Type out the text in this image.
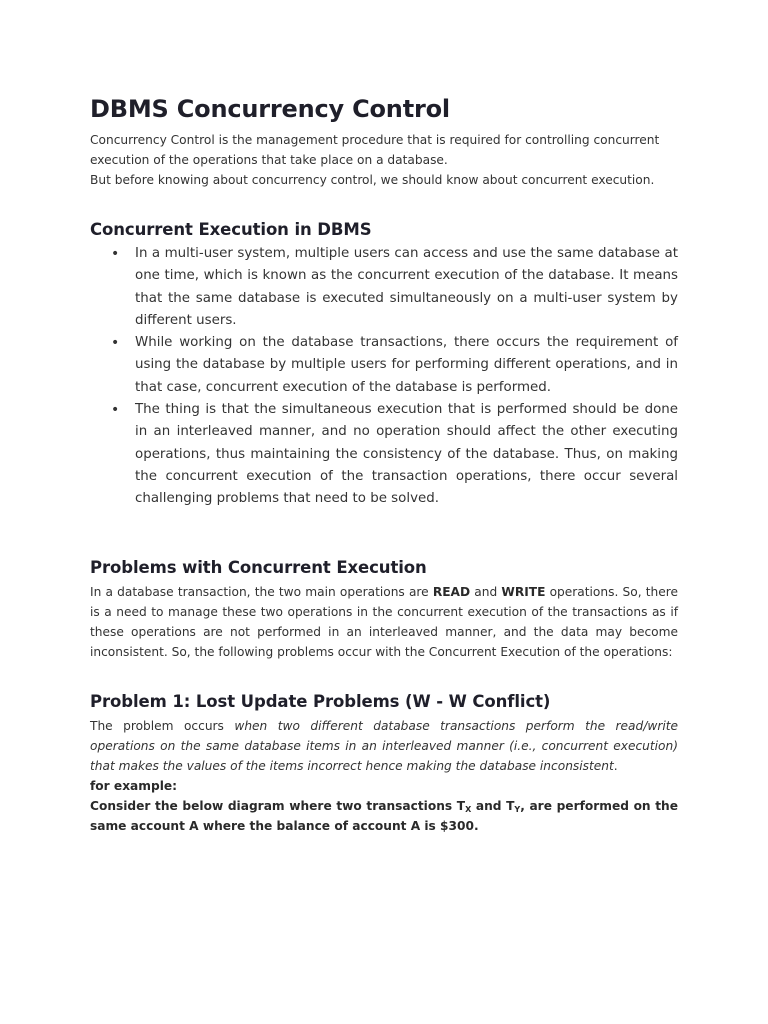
DBMS Concurrency Control

Concurrency Control is the management procedure that is required for controlling concurrent execution of the operations that take place on a database.
But before knowing about concurrency control, we should know about concurrent execution.

Concurrent Execution in DBMS
• In a multi-user system, multiple users can access and use the same database at one time, which is known as the concurrent execution of the database. It means that the same database is executed simultaneously on a multi-user system by different users.
• While working on the database transactions, there occurs the requirement of using the database by multiple users for performing different operations, and in that case, concurrent execution of the database is performed.
• The thing is that the simultaneous execution that is performed should be done in an interleaved manner, and no operation should affect the other executing operations, thus maintaining the consistency of the database. Thus, on making the concurrent execution of the transaction operations, there occur several challenging problems that need to be solved.
Problems with Concurrent Execution

In a database transaction, the two main operations are READ and WRITE operations. So, there is a need to manage these two operations in the concurrent execution of the transactions as if these operations are not performed in an interleaved manner, and the data may become inconsistent. So, the following problems occur with the Concurrent Execution of the operations:

Problem 1: Lost Update Problems (W - W Conflict)

The problem occurs when two different database transactions perform the read/write operations on the same database items in an interleaved manner (i.e., concurrent execution) that makes the values of the items incorrect hence making the database inconsistent.

for example:

Consider the below diagram where two transactions $T_X$ and $T_Y$, are performed on the same account A where the balance of account A is $300.
